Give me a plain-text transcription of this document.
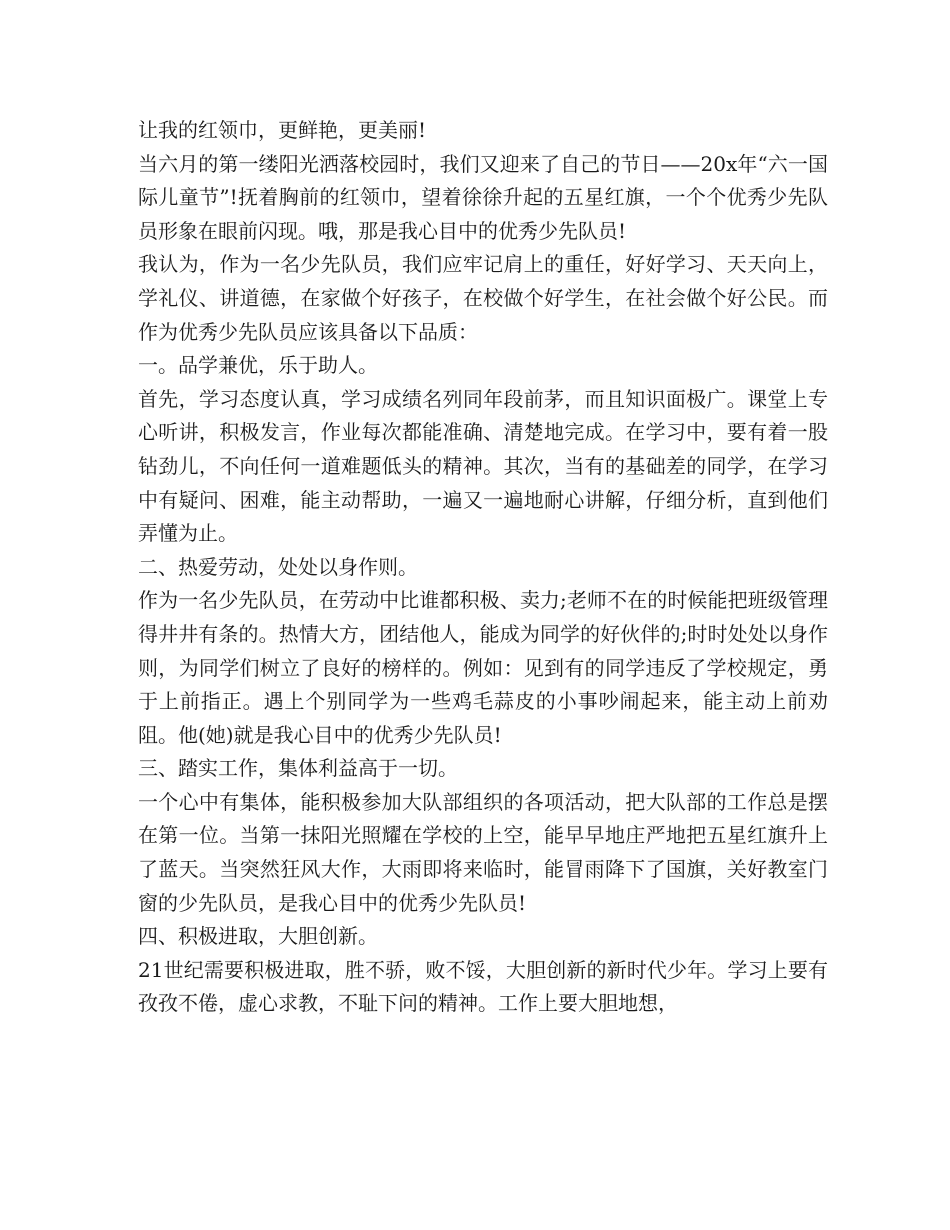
让我的红领巾，更鲜艳，更美丽!

当六月的第一缕阳光洒落校园时，我们又迎来了自己的节日——20x年“六一国际儿童节”!抚着胸前的红领巾，望着徐徐升起的五星红旗，一个个优秀少先队员形象在眼前闪现。哦，那是我心目中的优秀少先队员!

我认为，作为一名少先队员，我们应牢记肩上的重任，好好学习、天天向上，学礼仪、讲道德，在家做个好孩子，在校做个好学生，在社会做个好公民。而作为优秀少先队员应该具备以下品质：

一。品学兼优，乐于助人。

首先，学习态度认真，学习成绩名列同年段前茅，而且知识面极广。课堂上专心听讲，积极发言，作业每次都能准确、清楚地完成。在学习中，要有着一股钻劲儿，不向任何一道难题低头的精神。其次，当有的基础差的同学，在学习中有疑问、困难，能主动帮助，一遍又一遍地耐心讲解，仔细分析，直到他们弄懂为止。

二、热爱劳动，处处以身作则。

作为一名少先队员，在劳动中比谁都积极、卖力;老师不在的时候能把班级管理得井井有条的。热情大方，团结他人，能成为同学的好伙伴的;时时处处以身作则，为同学们树立了良好的榜样的。例如：见到有的同学违反了学校规定，勇于上前指正。遇上个别同学为一些鸡毛蒜皮的小事吵闹起来，能主动上前劝阻。他(她)就是我心目中的优秀少先队员!

三、踏实工作，集体利益高于一切。

一个心中有集体，能积极参加大队部组织的各项活动，把大队部的工作总是摆在第一位。当第一抹阳光照耀在学校的上空，能早早地庄严地把五星红旗升上了蓝天。当突然狂风大作，大雨即将来临时，能冒雨降下了国旗，关好教室门窗的少先队员，是我心目中的优秀少先队员!

四、积极进取，大胆创新。

21世纪需要积极进取，胜不骄，败不馁，大胆创新的新时代少年。学习上要有孜孜不倦，虚心求教，不耻下问的精神。工作上要大胆地想，
